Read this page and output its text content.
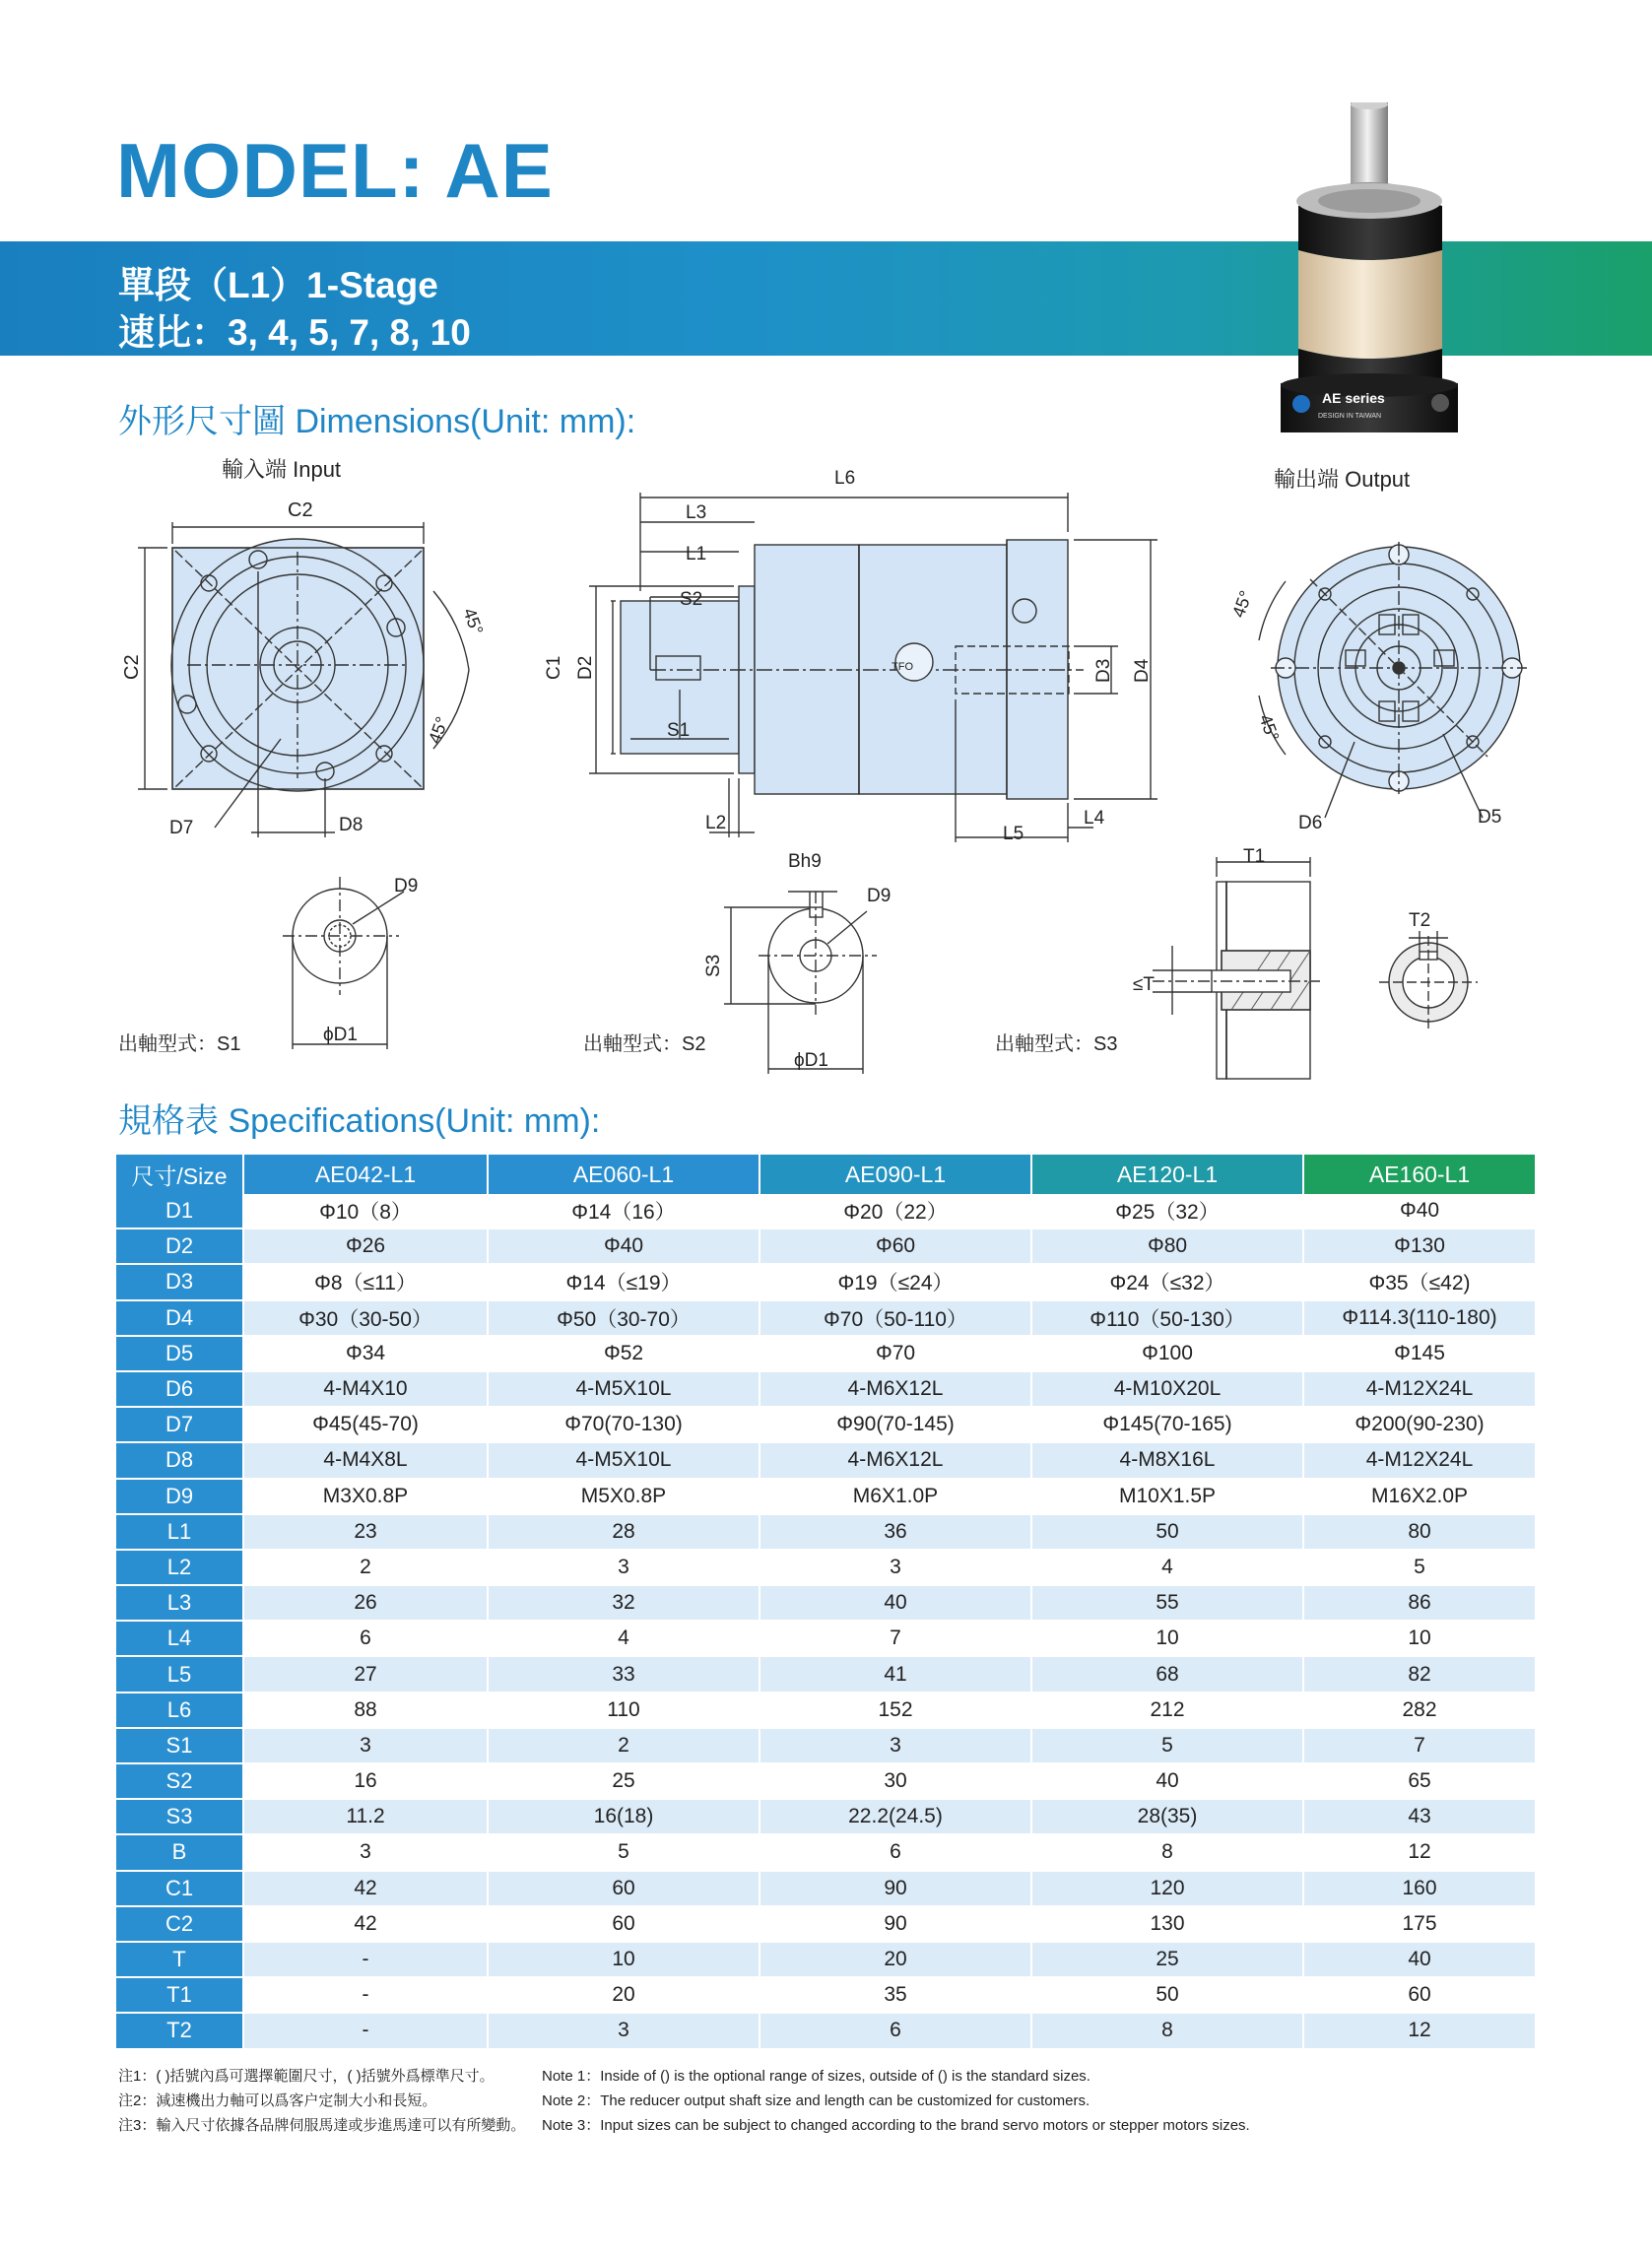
MODEL: AE
單段（L1）1-Stage
速比：3, 4, 5, 7, 8, 10
AE series
DESIGN IN TAIWAN
外形尺寸圖 Dimensions(Unit: mm):
輸入端 Input	輸出端 Output
C2
C2
45°
45°
D7	D8
L6
L3
L1
S2
S1
C1 D2	TFO	D3 D4
L2
L5
L4
45°
45°
D6	D5
D9
ϕD1
出軸型式：S1
Bh9
D9
S3
ϕD1
出軸型式：S2
T1
≤T
T2
出軸型式：S3
規格表 Specifications(Unit: mm):
尺寸/Size	AE042-L1	AE060-L1	AE090-L1	AE120-L1	AE160-L1
D1	Φ10（8）	Φ14（16）	Φ20（22）	Φ25（32）	Φ40
D2	Φ26	Φ40	Φ60	Φ80	Φ130
D3	Φ8（≤11）	Φ14（≤19）	Φ19（≤24）	Φ24（≤32）	Φ35（≤42)
D4	Φ30（30-50）	Φ50（30-70）	Φ70（50-110）	Φ110（50-130）	Φ114.3(110-180)
D5	Φ34	Φ52	Φ70	Φ100	Φ145
D6	4-M4X10	4-M5X10L	4-M6X12L	4-M10X20L	4-M12X24L
D7	Φ45(45-70)	Φ70(70-130)	Φ90(70-145)	Φ145(70-165)	Φ200(90-230)
D8	4-M4X8L	4-M5X10L	4-M6X12L	4-M8X16L	4-M12X24L
D9	M3X0.8P	M5X0.8P	M6X1.0P	M10X1.5P	M16X2.0P
L1	23	28	36	50	80
L2	2	3	3	4	5
L3	26	32	40	55	86
L4	6	4	7	10	10
L5	27	33	41	68	82
L6	88	110	152	212	282
S1	3	2	3	5	7
S2	16	25	30	40	65
S3	11.2	16(18)	22.2(24.5)	28(35)	43
B	3	5	6	8	12
C1	42	60	90	120	160
C2	42	60	90	130	175
T	-	10	20	25	40
T1	-	20	35	50	60
T2	-	3	6	8	12
注1：( )括號內爲可選擇範圍尺寸，( )括號外爲標準尺寸。
注2：減速機出力軸可以爲客户定制大小和長短。
注3：輸入尺寸依據各品牌伺服馬達或步進馬達可以有所變動。
Note 1：Inside of () is the optional range of sizes, outside of () is the standard sizes.
Note 2：The reducer output shaft size and length can be customized for customers.
Note 3：Input sizes can be subject to changed according to the brand servo motors or stepper motors sizes.
